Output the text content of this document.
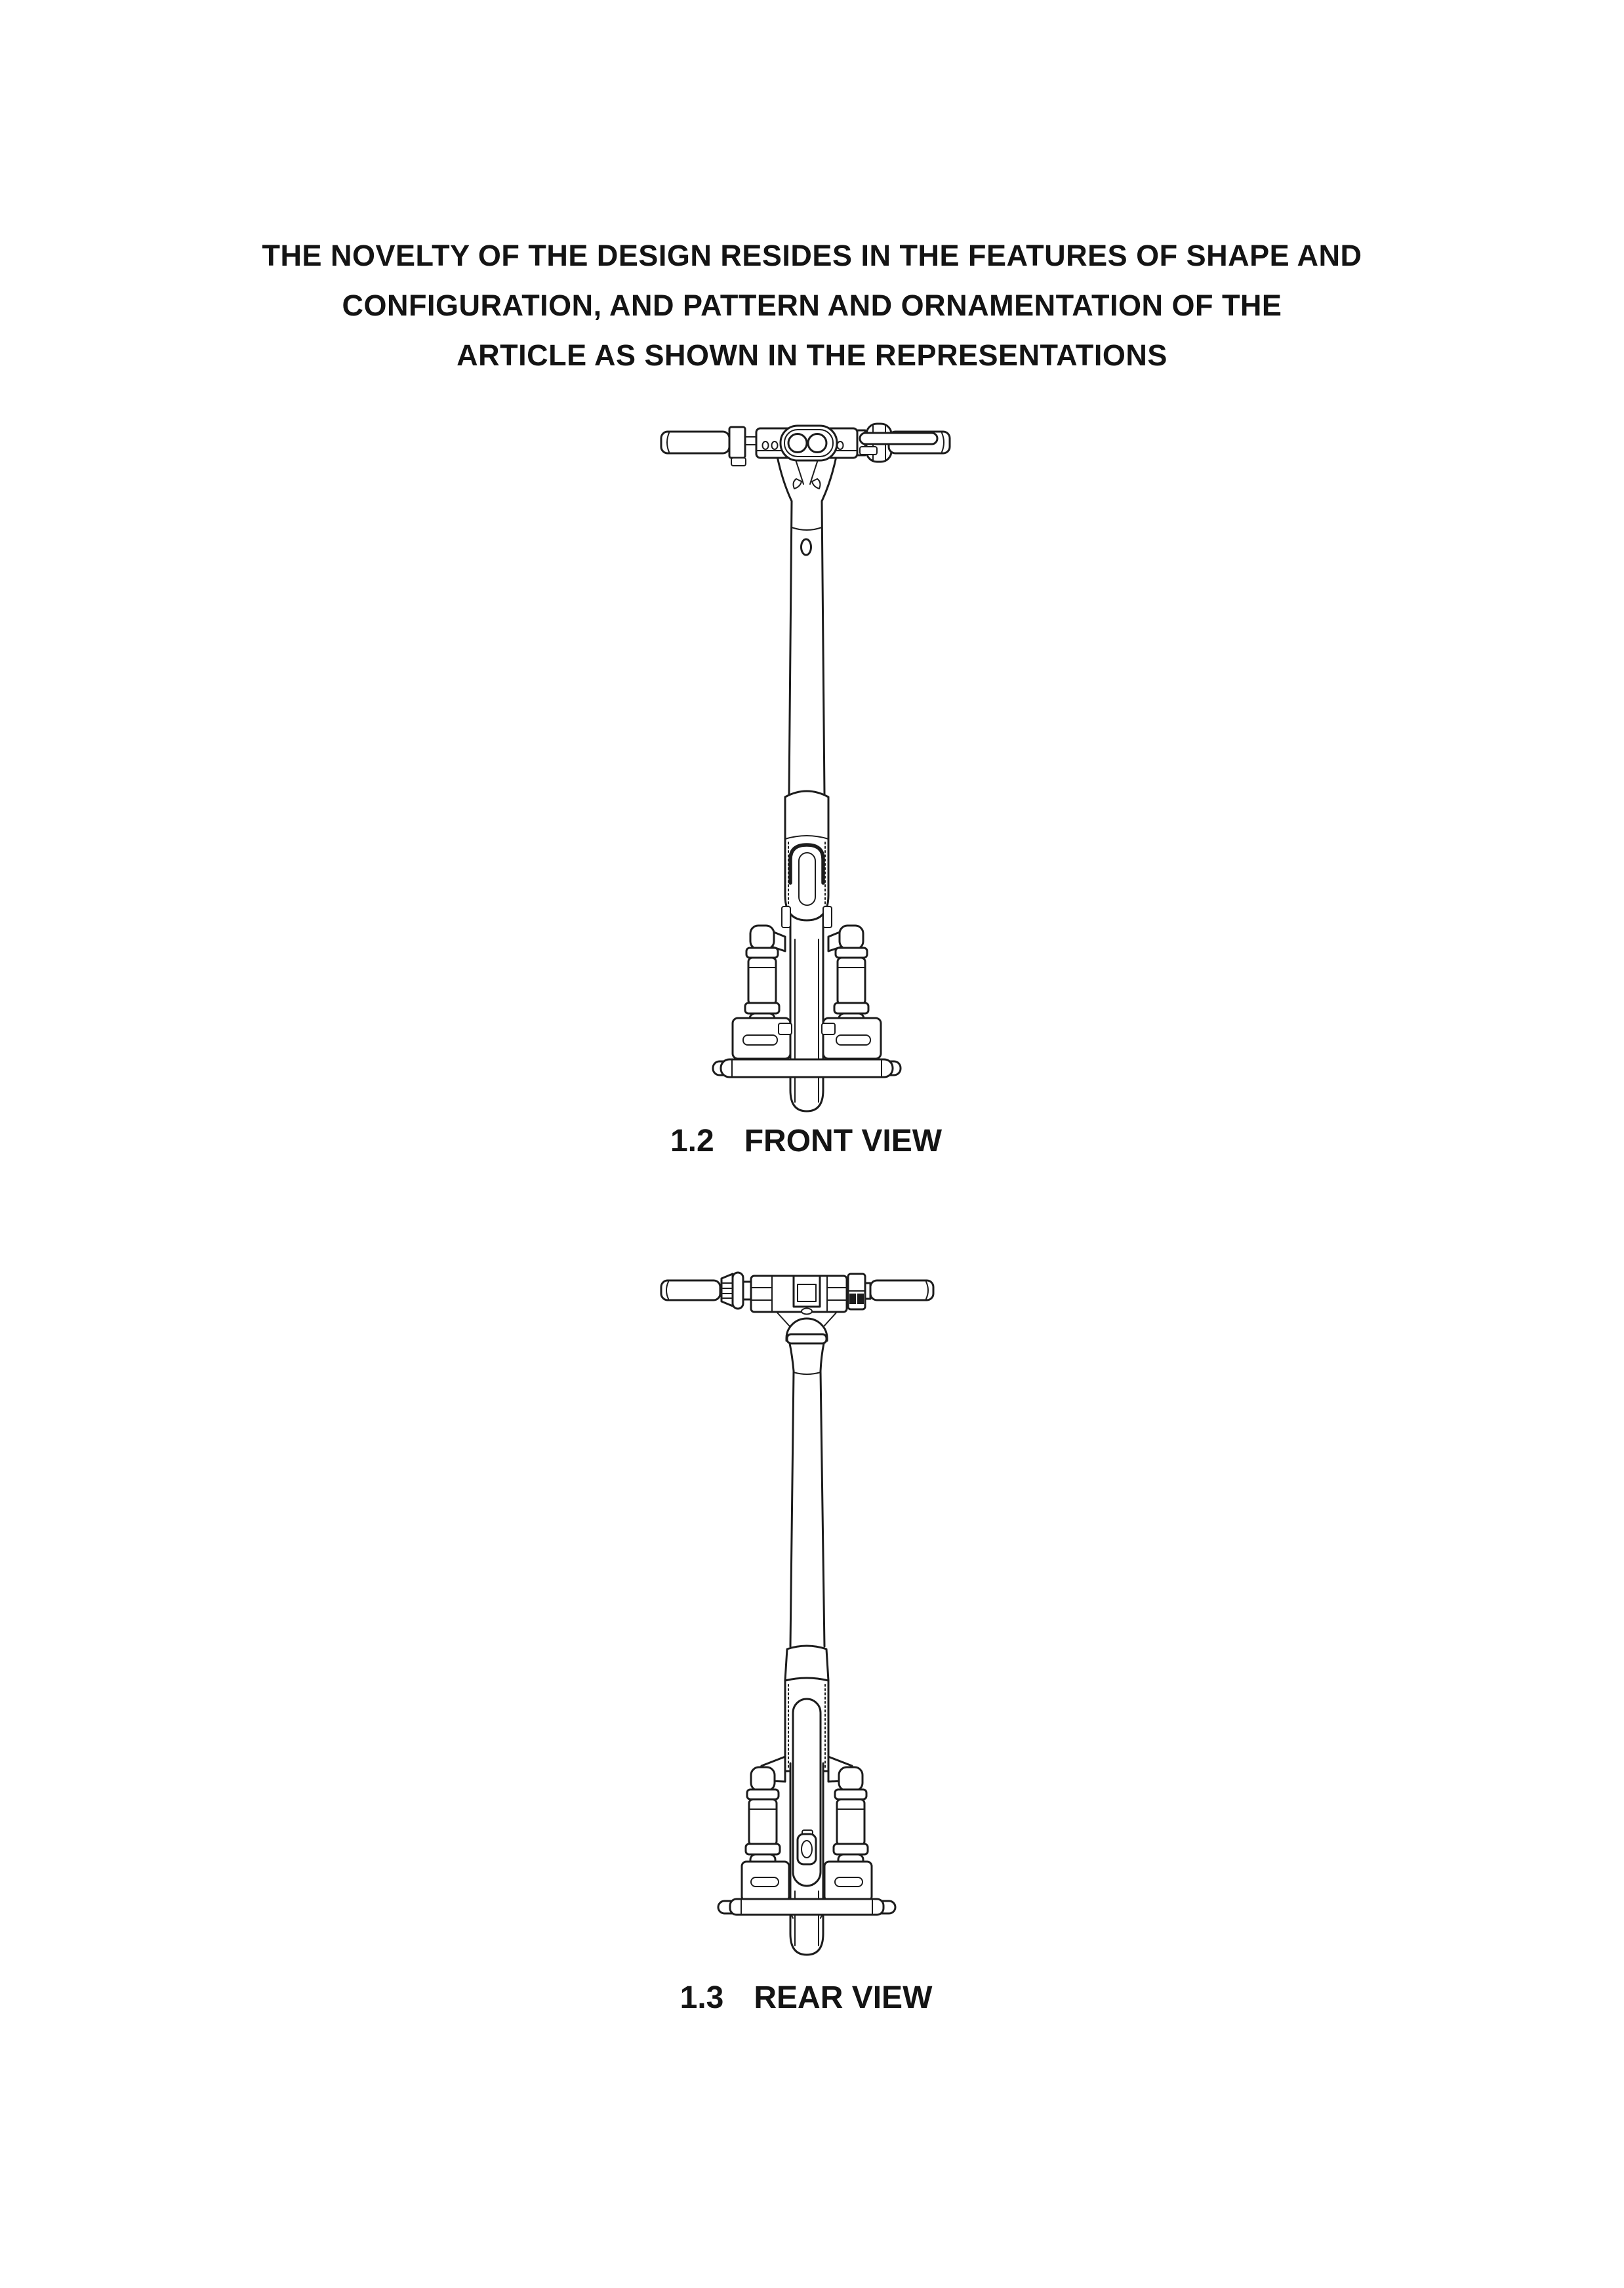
THE NOVELTY OF THE DESIGN RESIDES IN THE FEATURES OF SHAPE AND
CONFIGURATION, AND PATTERN AND ORNAMENTATION OF THE
ARTICLE AS SHOWN IN THE REPRESENTATIONS
1.2 FRONT VIEW
1.3 REAR VIEW
